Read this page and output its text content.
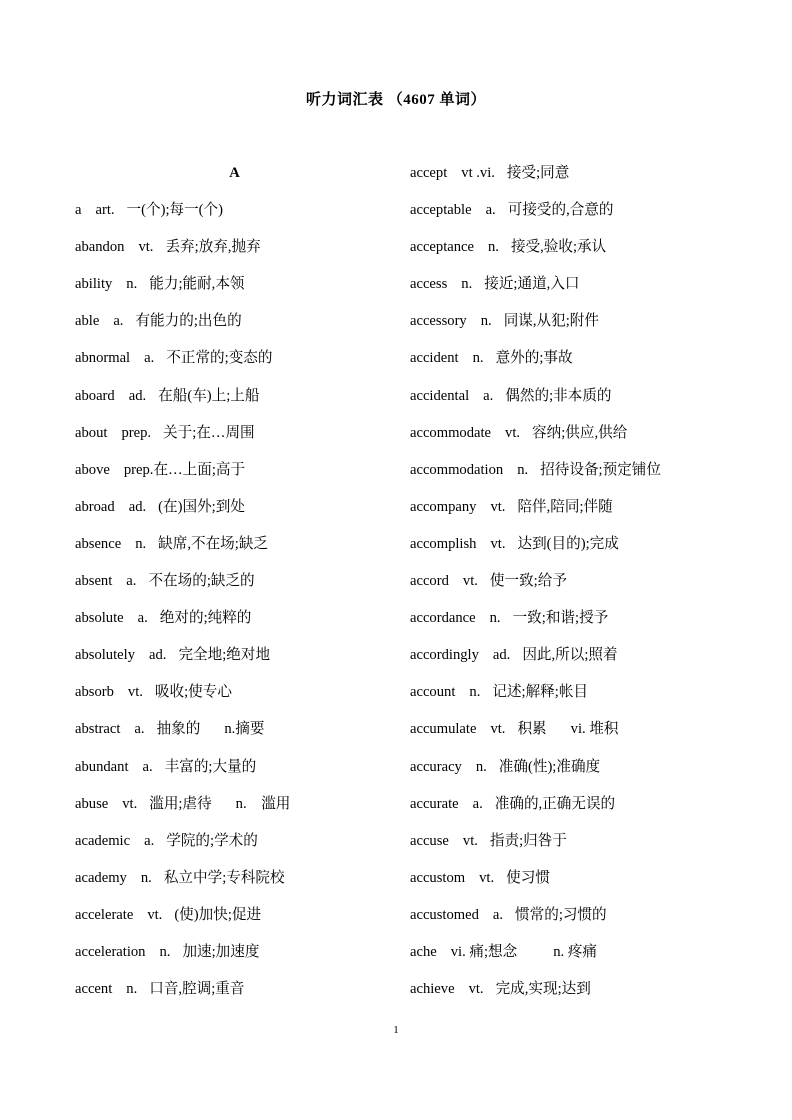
听力词汇表 （4607 单词）
A
a art. 一(个);每一(个)
abandon vt. 丢弃;放弃,抛弃
ability n. 能力;能耐,本领
able a. 有能力的;出色的
abnormal a. 不正常的;变态的
aboard ad. 在船(车)上;上船
about prep. 关于;在…周围
above prep.在…上面;高于
abroad ad. (在)国外;到处
absence n. 缺席,不在场;缺乏
absent a. 不在场的;缺乏的
absolute a. 绝对的;纯粹的
absolutely ad. 完全地;绝对地
absorb vt. 吸收;使专心
abstract a. 抽象的 n.摘要
abundant a. 丰富的;大量的
abuse vt. 滥用;虐待 n.　滥用
academic a. 学院的;学术的
academy n. 私立中学;专科院校
accelerate vt. (使)加快;促进
acceleration n. 加速;加速度
accent n. 口音,腔调;重音
accept vt .vi. 接受;同意
acceptable a. 可接受的,合意的
acceptance n. 接受,验收;承认
access n. 接近;通道,入口
accessory n. 同谋,从犯;附件
accident n. 意外的;事故
accidental a. 偶然的;非本质的
accommodate vt. 容纳;供应,供给
accommodation n. 招待设备;预定铺位
accompany vt. 陪伴,陪同;伴随
accomplish vt. 达到(目的);完成
accord vt. 使一致;给予
accordance n. 一致;和谐;授予
accordingly ad. 因此,所以;照着
account n. 记述;解释;帐目
accumulate vt. 积累 vi. 堆积
accuracy n. 准确(性);准确度
accurate a. 准确的,正确无误的
accuse vt. 指责;归咎于
accustom vt. 使习惯
accustomed a. 惯常的;习惯的
ache vi. 痛;想念 n. 疼痛
achieve vt. 完成,实现;达到
1
